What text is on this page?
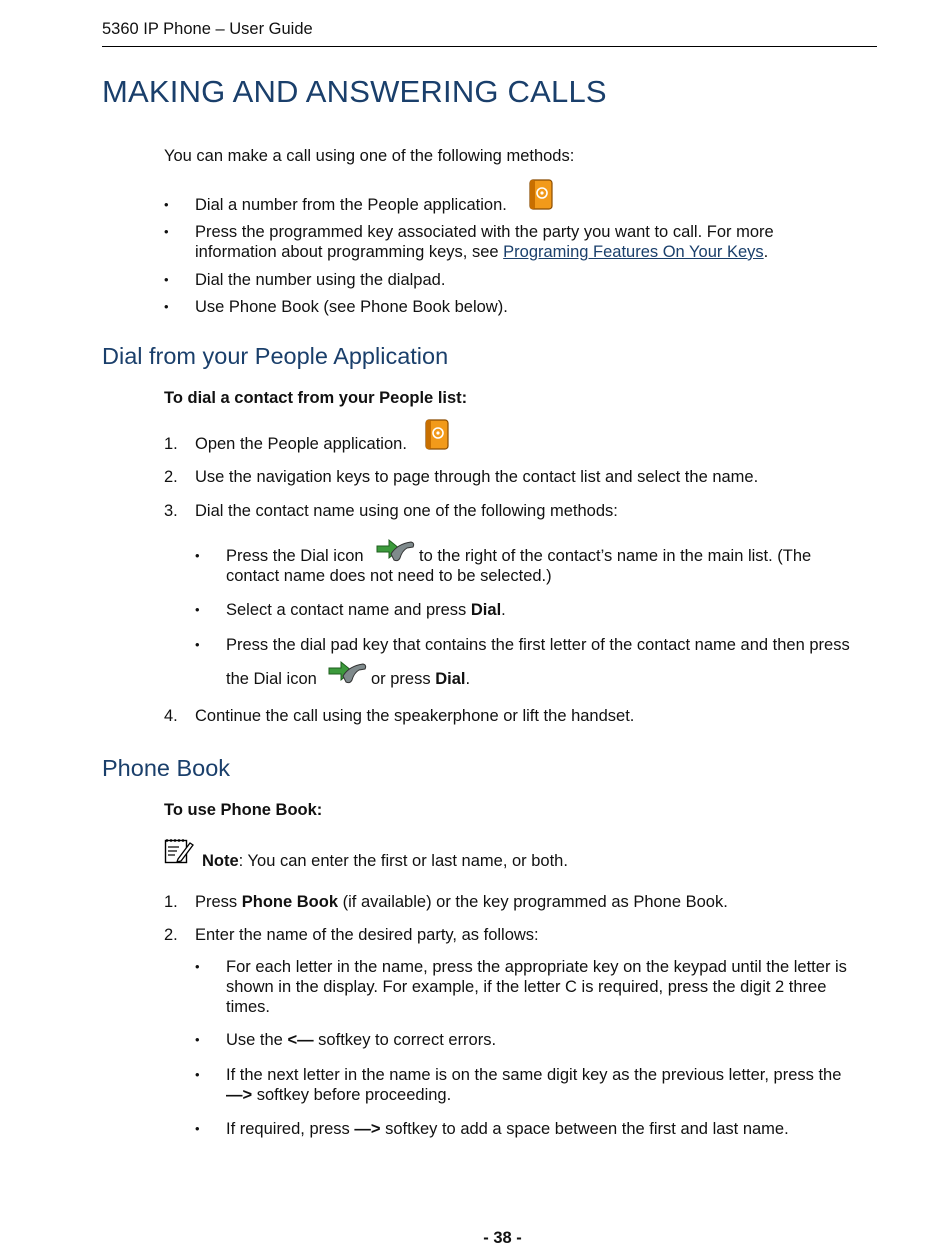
5360 IP Phone – User Guide
MAKING AND ANSWERING CALLS
You can make a call using one of the following methods:
• Dial a number from the People application.
• Press the programmed key associated with the party you want to call. For more
information about programming keys, see Programing Features On Your Keys.
• Dial the number using the dialpad.
• Use Phone Book (see Phone Book below).
Dial from your People Application
To dial a contact from your People list:
1. Open the People application.
2. Use the navigation keys to page through the contact list and select the name.
3. Dial the contact name using one of the following methods:
• Press the Dial icon	to the right of the contact’s name in the main list. (The
contact name does not need to be selected.)
• Select a contact name and press Dial.
• Press the dial pad key that contains the first letter of the contact name and then press
the Dial icon	or press Dial.
4. Continue the call using the speakerphone or lift the handset.
Phone Book
To use Phone Book:
Note: You can enter the first or last name, or both.
1. Press Phone Book (if available) or the key programmed as Phone Book.
2. Enter the name of the desired party, as follows:
• For each letter in the name, press the appropriate key on the keypad until the letter is
shown in the display. For example, if the letter C is required, press the digit 2 three
times.
• Use the <— softkey to correct errors.
• If the next letter in the name is on the same digit key as the previous letter, press the
—> softkey before proceeding.
• If required, press —> softkey to add a space between the first and last name.
- 38 -
